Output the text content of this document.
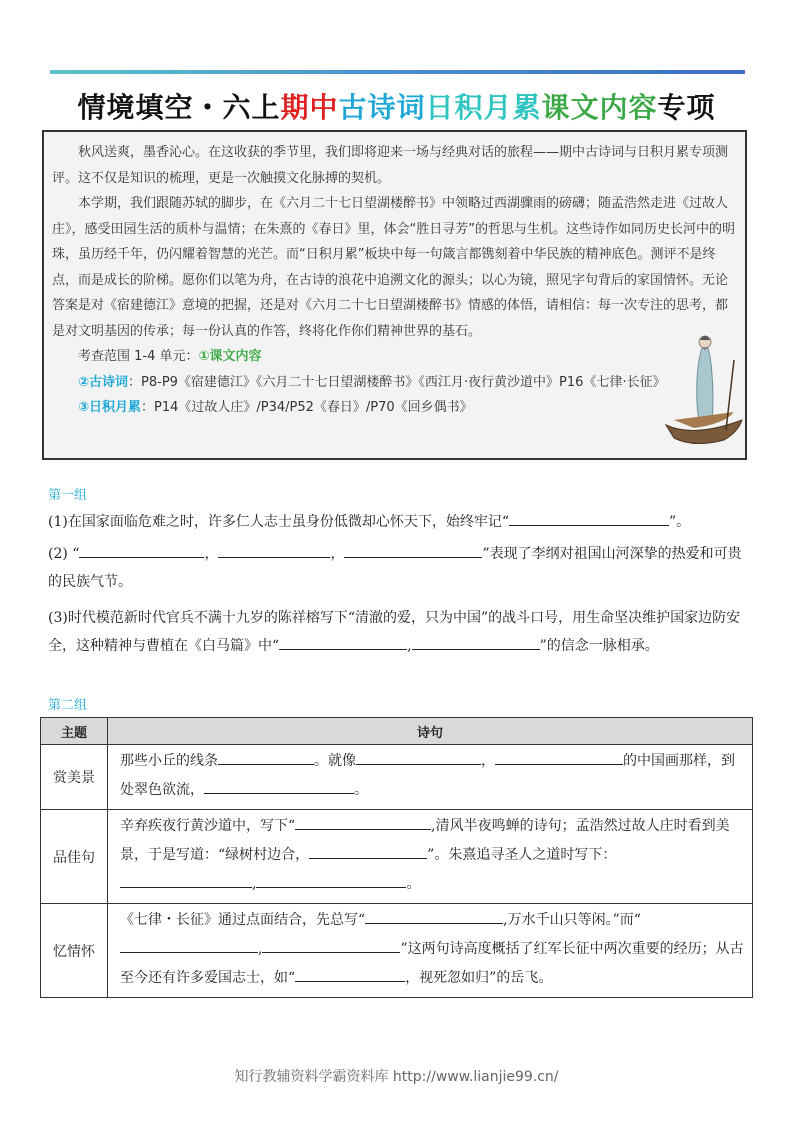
情境填空・六上期中古诗词日积月累课文内容专项

秋风送爽，墨香沁心。在这收获的季节里，我们即将迎来一场与经典对话的旅程——期中古诗词与日积月累专项测评。这不仅是知识的梳理，更是一次触摸文化脉搏的契机。

本学期，我们跟随苏轼的脚步，在《六月二十七日望湖楼醉书》中领略过西湖骤雨的磅礴；随孟浩然走进《过故人庄》，感受田园生活的质朴与温情；在朱熹的《春日》里，体会“胜日寻芳”的哲思与生机。这些诗作如同历史长河中的明珠，虽历经千年，仍闪耀着智慧的光芒。而“日积月累”板块中每一句箴言都镌刻着中华民族的精神底色。测评不是终点，而是成长的阶梯。愿你们以笔为舟，在古诗的浪花中追溯文化的源头；以心为镜，照见字句背后的家国情怀。无论答案是对《宿建德江》意境的把握，还是对《六月二十七日望湖楼醉书》情感的体悟，请相信：每一次专注的思考，都是对文明基因的传承；每一份认真的作答，终将化作你们精神世界的基石。

考查范围 1-4 单元：①课文内容

②古诗词：P8-P9《宿建德江》《六月二十七日望湖楼醉书》《西江月·夜行黄沙道中》P16《七律·长征》

③日积月累：P14《过故人庄》/P34/P52《春日》/P70《回乡偶书》

第一组
(1)在国家面临危难之时，许多仁人志士虽身份低微却心怀天下，始终牢记“	”。
(2) “	，	，	”表现了李纲对祖国山河深挚的热爱和可贵的民族气节。
(3)时代模范新时代官兵不满十九岁的陈祥榕写下“清澈的爱，只为中国”的战斗口号，用生命坚决维护国家边防安全，这种精神与曹植在《白马篇》中“	,	”的信念一脉相承。
第二组
主题	诗句
赏美景	那些小丘的线条 。就像 ， 的中国画那样，到处翠色欲流， 。
品佳句	辛弃疾夜行黄沙道中，写下“ ,清风半夜鸣蝉的诗句；孟浩然过故人庄时看到美景，于是写道：“绿树村边合， ”。朱熹追寻圣人之道时写下：, 。
忆情怀	《七律・长征》通过点面结合，先总写“ ,万水千山只等闲。”而“, ”这两句诗高度概括了红军长征中两次重要的经历；从古至今还有许多爱国志士，如“ ，视死忽如归”的岳飞。
知行教辅资料学霸资料库 http://www.lianjie99.cn/
